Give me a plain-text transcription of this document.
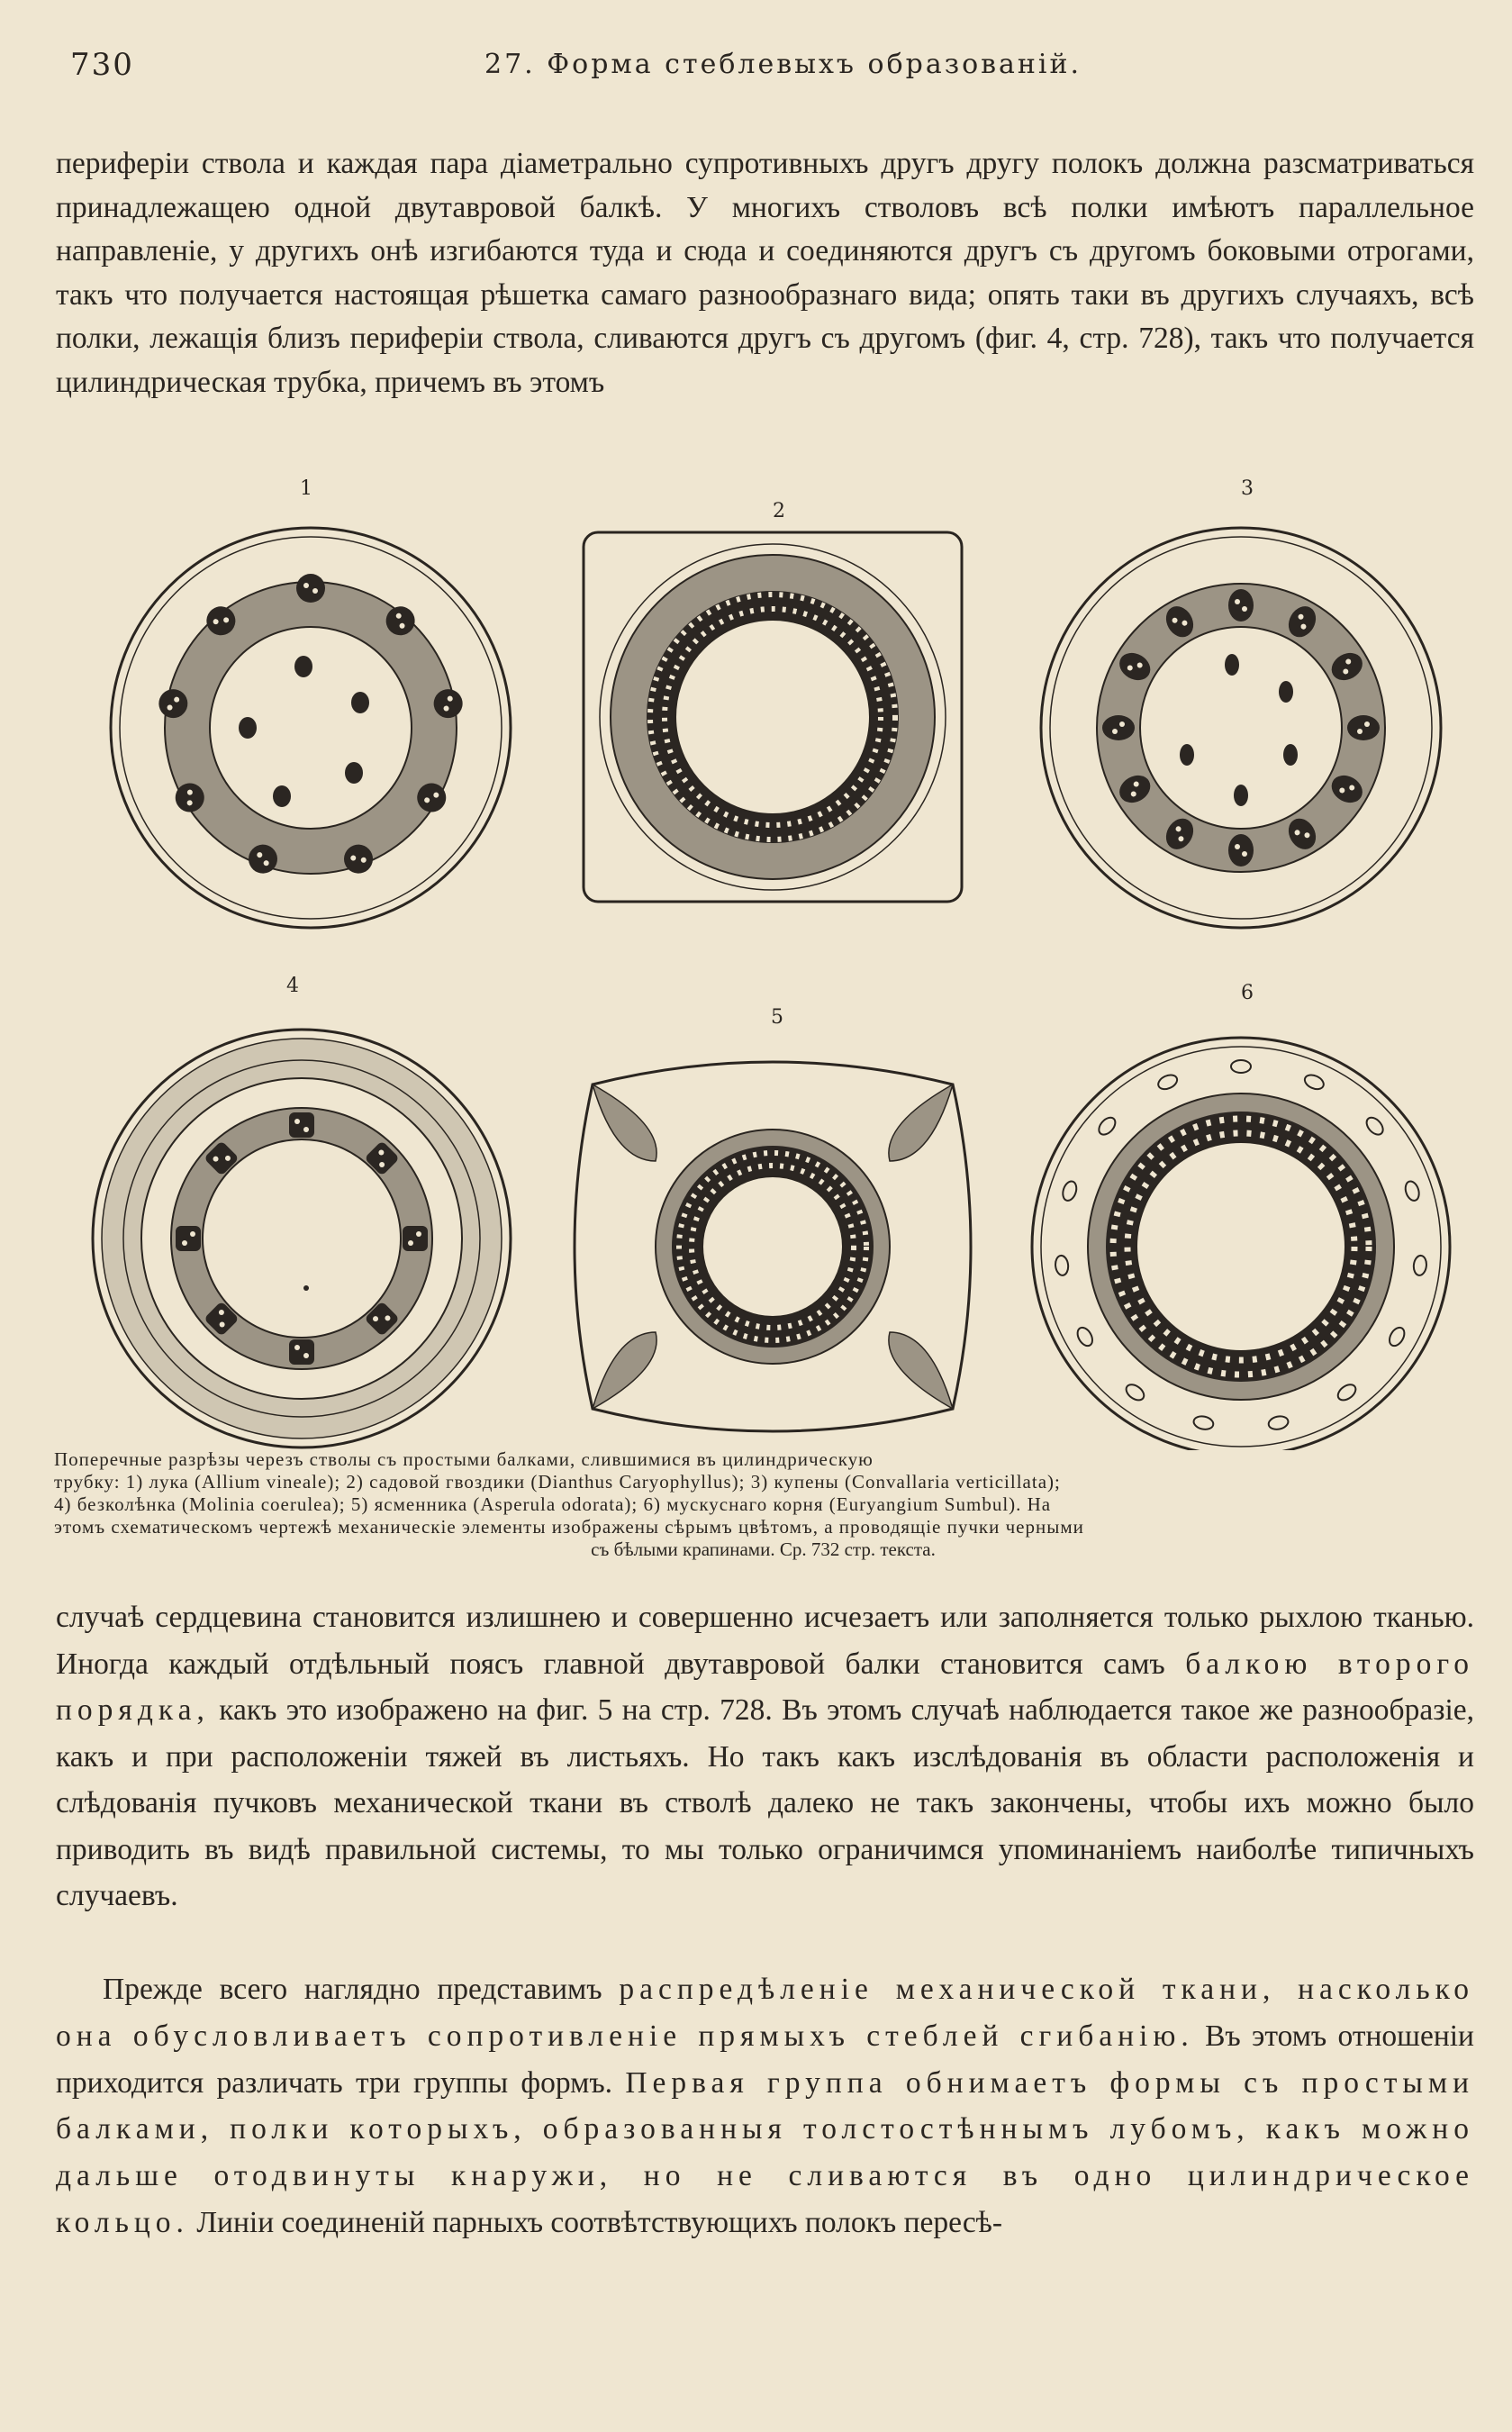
730	27. Форма стеблевыхъ образованій.

периферіи ствола и каждая пара діаметрально супротивныхъ другъ другу полокъ должна разсматриваться принадлежащею одной двутавровой балкѣ. У многихъ стволовъ всѣ полки имѣютъ параллельное направленіе, у другихъ онѣ изгибаются туда и сюда и соединяются другъ съ другомъ боковыми отрогами, такъ что получается настоящая рѣшетка самаго разнообразнаго вида; опять таки въ другихъ случаяхъ, всѣ полки, лежащія близъ периферіи ствола, сливаются другъ съ другомъ (фиг. 4, стр. 728), такъ что получается цилиндрическая трубка, причемъ въ этомъ

1
2
3
4
5
6
Поперечные разрѣзы черезъ стволы съ простыми балками, слившимися въ цилиндрическую
трубку: 1) лука (Allium vineale); 2) садовой гвоздики (Dianthus Caryophyllus); 3) купены (Convallaria verticillata);
4) безколѣнка (Molinia coerulea); 5) ясменника (Asperula odorata); 6) мускуснаго корня (Euryangium Sumbul). На
этомъ схематическомъ чертежѣ механическіе элементы изображены сѣрымъ цвѣтомъ, а проводящіе пучки черными
съ бѣлыми крапинами. Ср. 732 стр. текста.

случаѣ сердцевина становится излишнею и совершенно исчезаетъ или заполняется только рыхлою тканью. Иногда каждый отдѣльный поясъ главной двутавровой балки становится самъ балкою второго порядка, какъ это изображено на фиг. 5 на стр. 728. Въ этомъ случаѣ наблюдается такое же разнообразіе, какъ и при расположеніи тяжей въ листьяхъ. Но такъ какъ изслѣдованія въ области расположенія и слѣдованія пучковъ механической ткани въ стволѣ далеко не такъ закончены, чтобы ихъ можно было приводить въ видѣ правильной системы, то мы только ограничимся упоминаніемъ наиболѣе типичныхъ случаевъ.

Прежде всего наглядно представимъ распредѣленіе механической ткани, насколько она обусловливаетъ сопротивленіе прямыхъ стеблей сгибанію. Въ этомъ отношеніи приходится различать три группы формъ. Первая группа обнимаетъ формы съ простыми балками, полки которыхъ, образованныя толстостѣннымъ лубомъ, какъ можно дальше отодвинуты кнаружи, но не сливаются въ одно цилиндрическое кольцо. Линіи соединеній парныхъ соотвѣтствующихъ полокъ пересѣ-
